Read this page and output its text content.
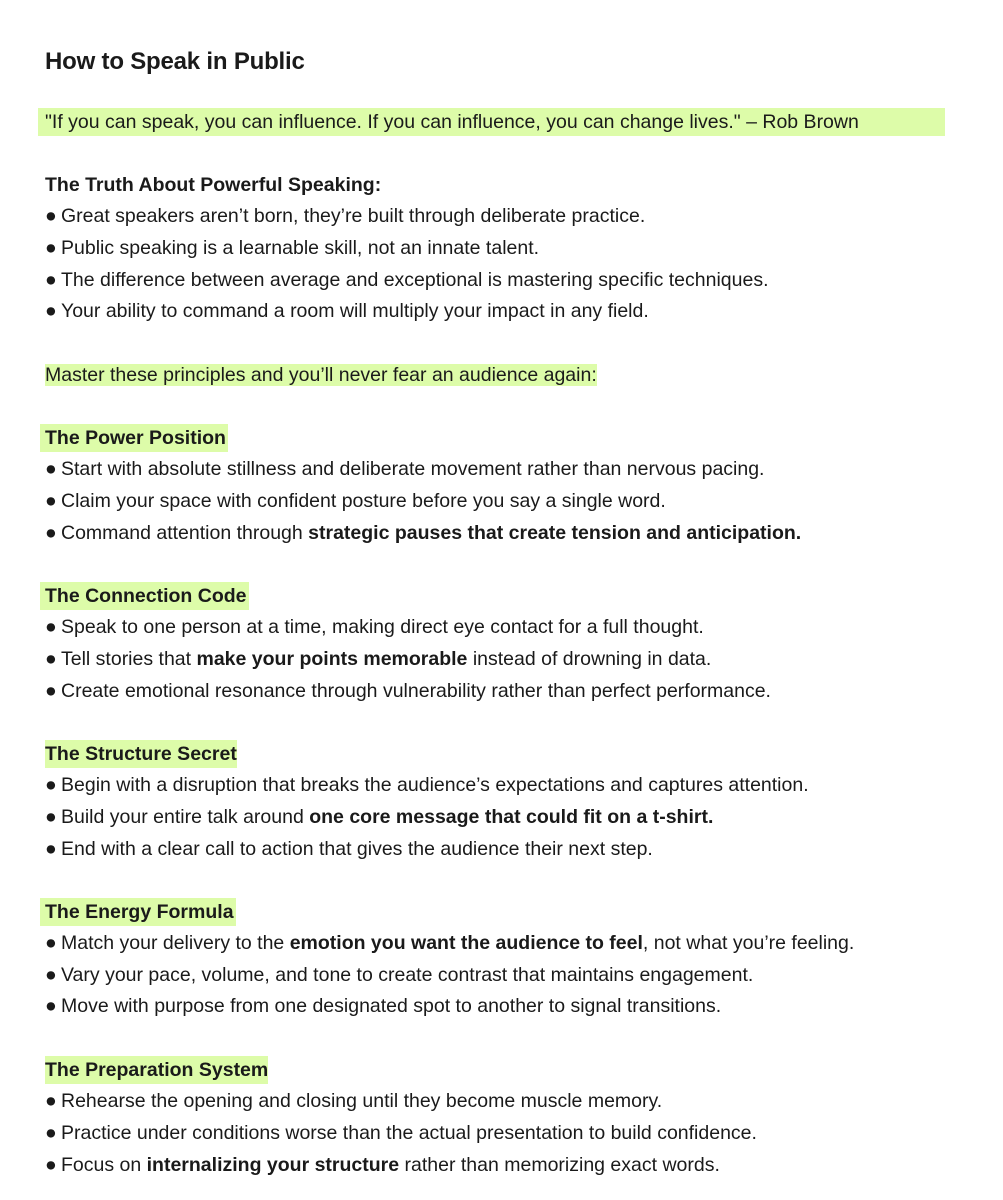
How to Speak in Public
"If you can speak, you can influence. If you can influence, you can change lives." – Rob Brown
The Truth About Powerful Speaking:
● Great speakers aren’t born, they’re built through deliberate practice.
● Public speaking is a learnable skill, not an innate talent.
● The difference between average and exceptional is mastering specific techniques.
● Your ability to command a room will multiply your impact in any field.
Master these principles and you’ll never fear an audience again:
The Power Position
● Start with absolute stillness and deliberate movement rather than nervous pacing.
● Claim your space with confident posture before you say a single word.
● Command attention through strategic pauses that create tension and anticipation.
The Connection Code
● Speak to one person at a time, making direct eye contact for a full thought.
● Tell stories that make your points memorable instead of drowning in data.
● Create emotional resonance through vulnerability rather than perfect performance.
The Structure Secret
● Begin with a disruption that breaks the audience’s expectations and captures attention.
● Build your entire talk around one core message that could fit on a t-shirt.
● End with a clear call to action that gives the audience their next step.
The Energy Formula
● Match your delivery to the emotion you want the audience to feel, not what you’re feeling.
● Vary your pace, volume, and tone to create contrast that maintains engagement.
● Move with purpose from one designated spot to another to signal transitions.
The Preparation System
● Rehearse the opening and closing until they become muscle memory.
● Practice under conditions worse than the actual presentation to build confidence.
● Focus on internalizing your structure rather than memorizing exact words.
